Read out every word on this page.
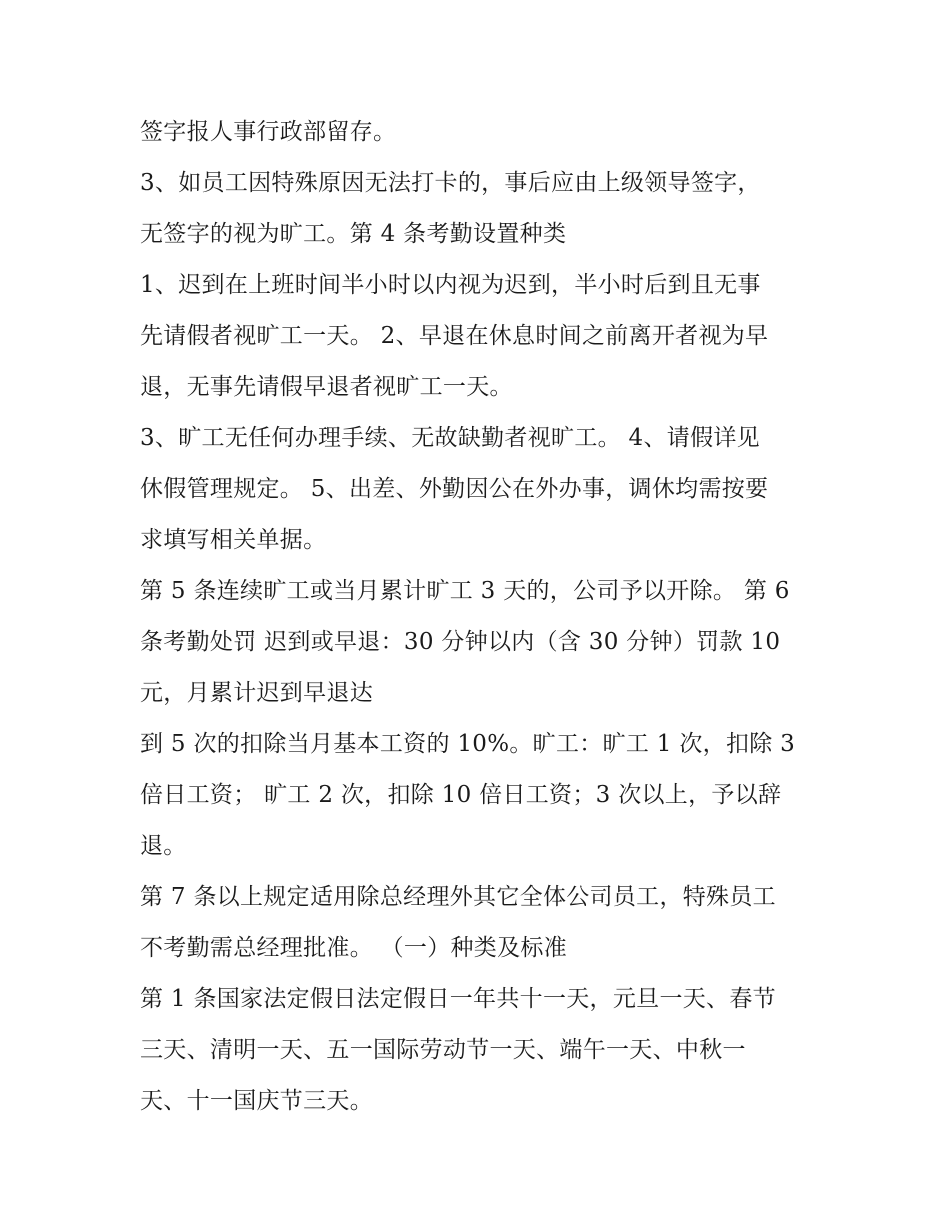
签字报人事行政部留存。
3、如员工因特殊原因无法打卡的，事后应由上级领导签字，
无签字的视为旷工。第 4 条考勤设置种类
1、迟到在上班时间半小时以内视为迟到，半小时后到且无事
先请假者视旷工一天。 2、早退在休息时间之前离开者视为早
退，无事先请假早退者视旷工一天。
3、旷工无任何办理手续、无故缺勤者视旷工。 4、请假详见
休假管理规定。 5、出差、外勤因公在外办事，调休均需按要
求填写相关单据。
第 5 条连续旷工或当月累计旷工 3 天的，公司予以开除。 第 6
条考勤处罚 迟到或早退：30 分钟以内（含 30 分钟）罚款 10
元，月累计迟到早退达
到 5 次的扣除当月基本工资的 10%。旷工：旷工 1 次，扣除 3
倍日工资； 旷工 2 次，扣除 10 倍日工资；3 次以上，予以辞
退。
第 7 条以上规定适用除总经理外其它全体公司员工，特殊员工
不考勤需总经理批准。 （一）种类及标准
第 1 条国家法定假日法定假日一年共十一天，元旦一天、春节
三天、清明一天、五一国际劳动节一天、端午一天、中秋一
天、十一国庆节三天。
